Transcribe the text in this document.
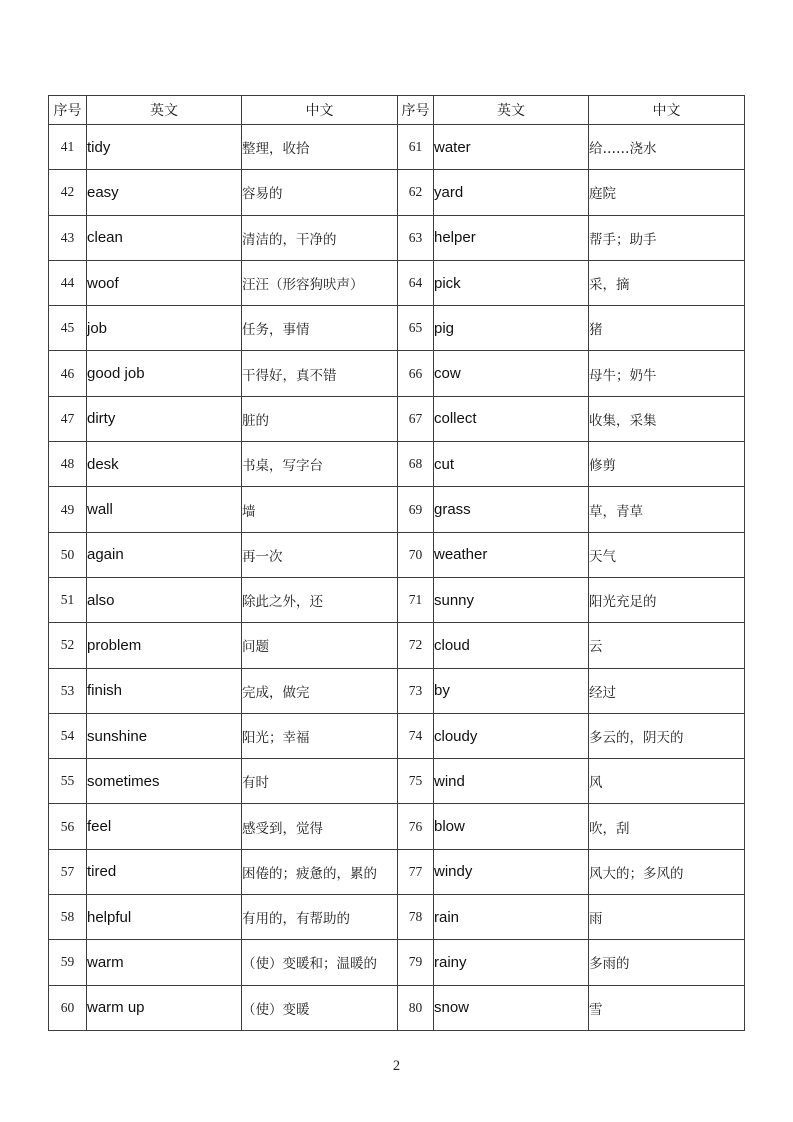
序号	英文	中文	序号	英文	中文
41	tidy	整理，收拾	61	water	给……浇水
42	easy	容易的	62	yard	庭院
43	clean	清洁的，干净的	63	helper	帮手；助手
44	woof	汪汪（形容狗吠声）	64	pick	采，摘
45	job	任务，事情	65	pig	猪
46	good job	干得好，真不错	66	cow	母牛；奶牛
47	dirty	脏的	67	collect	收集，采集
48	desk	书桌，写字台	68	cut	修剪
49	wall	墙	69	grass	草，青草
50	again	再一次	70	weather	天气
51	also	除此之外，还	71	sunny	阳光充足的
52	problem	问题	72	cloud	云
53	finish	完成，做完	73	by	经过
54	sunshine	阳光；幸福	74	cloudy	多云的，阴天的
55	sometimes	有时	75	wind	风
56	feel	感受到，觉得	76	blow	吹，刮
57	tired	困倦的；疲惫的，累的	77	windy	风大的；多风的
58	helpful	有用的，有帮助的	78	rain	雨
59	warm	（使）变暖和；温暖的	79	rainy	多雨的
60	warm up	（使）变暖	80	snow	雪
2
